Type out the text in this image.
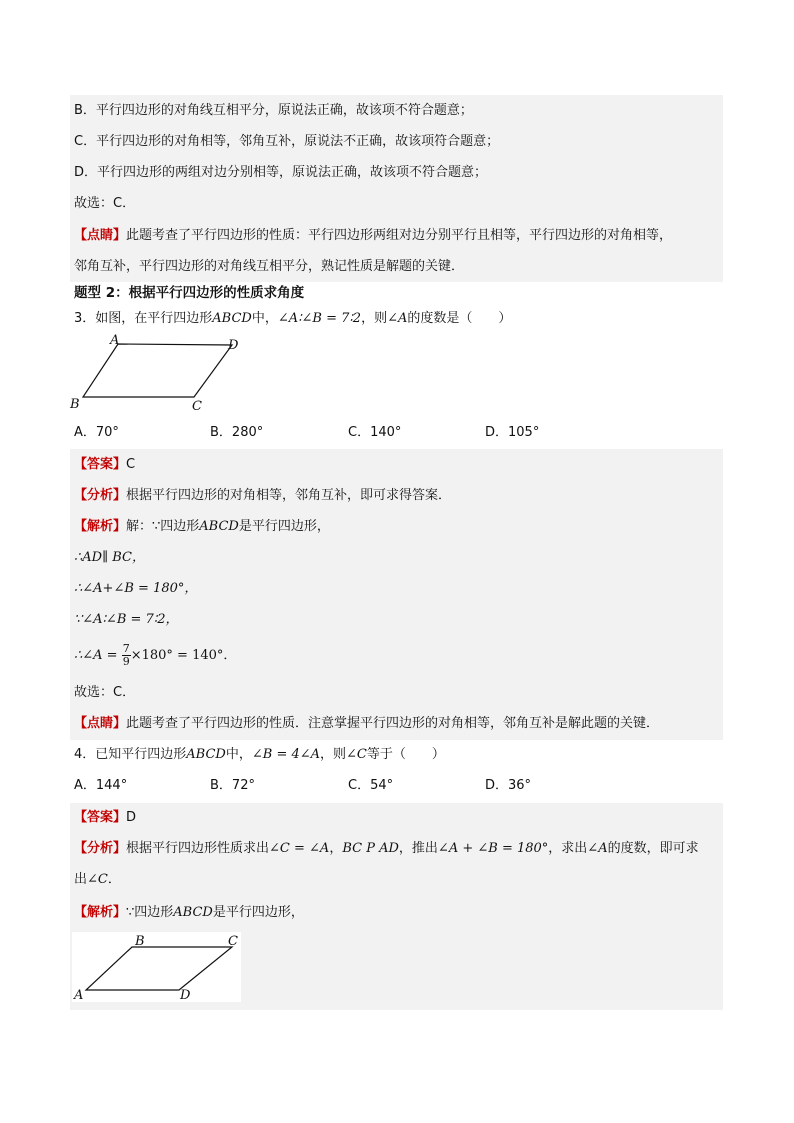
B．平行四边形的对角线互相平分，原说法正确，故该项不符合题意；
C．平行四边形的对角相等，邻角互补，原说法不正确，故该项符合题意；
D．平行四边形的两组对边分别相等，原说法正确，故该项不符合题意；
故选：C．
【点睛】此题考查了平行四边形的性质：平行四边形两组对边分别平行且相等，平行四边形的对角相等，
邻角互补，平行四边形的对角线互相平分，熟记性质是解题的关键．
题型 2：根据平行四边形的性质求角度
3．如图，在平行四边形ABCD中，∠A∶∠B = 7∶2，则∠A的度数是（　　）
A	D
B	C
A．70°	B．280°	C．140°	D．105°
【答案】C
【分析】根据平行四边形的对角相等，邻角互补，即可求得答案．
【解析】解：∵四边形ABCD是平行四边形，
∴AD∥ BC，
∴∠A+∠B = 180°，
∵∠A∶∠B = 7∶2，
∴∠A = $\frac{7}{9} \times 180^\circ = 140^\circ$．
故选：C．
【点睛】此题考查了平行四边形的性质．注意掌握平行四边形的对角相等，邻角互补是解此题的关键．
4．已知平行四边形ABCD中，∠B = 4∠A，则∠C等于（　　）
A．144°	B．72°	C．54°	D．36°
【答案】D
【分析】根据平行四边形性质求出∠C = ∠A，BC P AD，推出∠A + ∠B = 180°，求出∠A的度数，即可求
出∠C．
【解析】∵四边形ABCD是平行四边形，
B	C
A	D
